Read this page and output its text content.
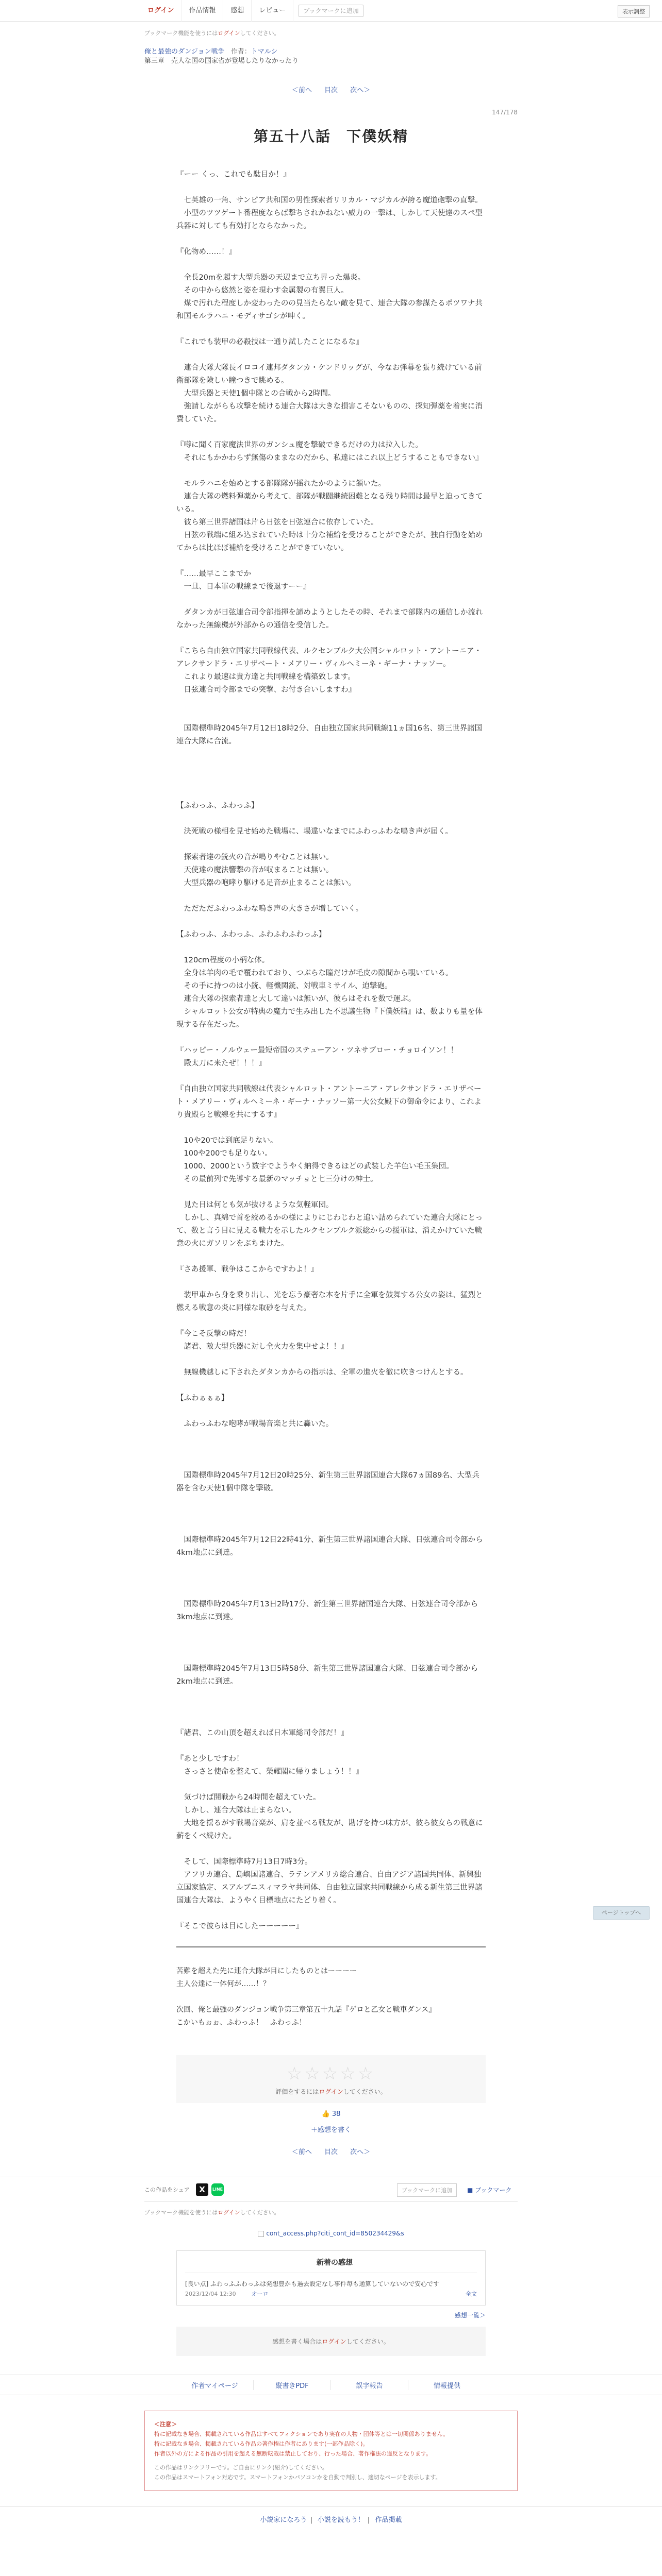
ログイン	作品情報	感想	レビュー	ブックマークに追加	表示調整
ブックマーク機能を使うにはログインしてください。
俺と最強のダンジョン戦争 作者：トマルシ
第三章　売人な国の国家省が登場したりなかったり
＜前へ 目次 次へ＞
147/178
第五十八話　下僕妖精

『ーー くっ、これでも駄目か！』

　七英雄の一角、サンピア共和国の男性探索者リリカル・マジカルが誇る魔道砲撃の直撃。

　小型のツツゲート番程度ならば撃ちされかねない威力の一撃は、しかして天使達のスぺ型兵器に対しても有効打とならなかった。

『化物め……！』

　全長20mを超す大型兵器の天辺まで立ち昇った爆炎。

　その中から悠然と姿を現わす金属製の有翼巨人。

　煤で汚れた程度しか変わったのの見当たらない敵を見て、連合大隊の参謀たるポツワナ共和国モルラハニ・モディサゴシが呻く。

『これでも装甲の必殺技は一通り試したことになるな』

　連合大隊大隊長イロコイ連邦ダタンカ・ケンドリッグが、今なお弾幕を張り続けている前衛部隊を険しい瞳つきで眺める。

　大型兵器と天使1個中隊との合戦から2時間。

　強請しながらも攻撃を続ける連合大隊は大きな損害こそないものの、探知弾薬を着実に消費していた。

『噂に聞く百家魔法世界のガンシュ魔を撃破できるだけの力は拉入した。

　それにもかかわらず無傷のままなのだから、私達にはこれ以上どうすることもできない』

　モルラハニを始めとする部隊隊が揺れたかのように頷いた。

　連合大隊の燃料弾薬から考えて、部隊が戦闘継続困難となる残り時間は最早と迫ってきている。

　彼ら第三世界諸国は片ら日弦を日弦連合に依存していた。

　日弦の戦端に組み込まれていた時は十分な補給を受けることができたが、独自行動を始めてからは比ほぼ補給を受けることができていない。

『……最早ここまでか

　一旦、日本軍の戦線まで後退すーー』

　ダタンカが日弦連合司令部指揮を諦めようとしたその時、それまで部隊内の通信しか流れなかった無線機が外部からの通信を受信した。

『こちら自由独立国家共同戦線代表、ルクセンブルク大公国シャルロット・アントーニア・アレクサンドラ・エリザベート・メアリー・ヴィルヘミーネ・ギーナ・ナッソー。

　これより最速は貴方達と共同戦線を構築致します。

　日弦連合司令部までの突撃、お付き合いしますわ』

　国際標準時2045年7月12日18時2分、自由独立国家共同戦線11ヵ国16名、第三世界諸国連合大隊に合流。

【ふわっふ、ふわっふ】

　決死戦の様相を見せ始めた戦場に、場違いなまでにふわっふわな鳴き声が届く。

　探索者達の銃火の音が鳴りやむことは無い。

　天使達の魔法響撃の音が収まることは無い。

　大型兵器の咆哮り駆ける足音が止まることは無い。

　ただただふわっふわな鳴き声の大きさが増していく。

【ふわっふ、ふわっふ、ふわふわふわっふ】

　120cm程度の小柄な体。

　全身は羊肉の毛で覆われており、つぶらな瞳だけが毛皮の隙間から覗いている。

　その手に持つのは小銃、軽機関銃、対戦車ミサイル、迫撃砲。

　連合大隊の探索者達と大して違いは無いが、彼らはそれを数で運ぶ。

　シャルロット公女が特典の魔力で生み出した不思議生物『下僕妖精』は、数よりも量を体現する存在だった。

『ハッピー・ノルウェー最短帝国のステューアン・ツネサブロー・チョロイソン！！

　殿太刀に来たぜ！！！』

『自由独立国家共同戦線は代表シャルロット・アントーニア・アレクサンドラ・エリザベート・メアリー・ヴィルヘミーネ・ギーナ・ナッソー第一大公女殿下の御命令により、これより貴殿らと戦線を共にするす』

　10や20では到底足りない。

　100や200でも足りない。

　1000、2000という数字でようやく納得できるほどの武装した羊色い毛玉集団。

　その最前列で先導する最新のマッチョと七三分けの紳士。

　見た目は何とも気が抜けるような気軽軍団。

　しかし、真綿で首を絞めるかの様によりにじわじわと追い詰められていた連合大隊にとって、数と言う目に見える戦力を示したルクセンブルク派総からの援軍は、消えかけていた戦意の火にガソリンをぶちまけた。

『さあ援軍、戦争はここからですわよ！』

　装甲車から身を乗り出し、光を忘う豪奢な本を片手に全軍を鼓舞する公女の姿は、猛烈と燃える戦意の炎に同様な取砂を与えた。

『今こそ反撃の時だ！

　諸君、敵大型兵器に対し全火力を集中せよ！！』

　無線機越しに下されたダタンカからの指示は、全軍の進火を徹に吹きつけんとする。

【ふわぁぁぁ】

　ふわっふわな咆哮が戦場音楽と共に轟いた。

　国際標準時2045年7月12日20時25分、新生第三世界諸国連合大隊67ヵ国89名、大型兵器を含む天使1個中隊を撃破。

　国際標準時2045年7月12日22時41分、新生第三世界諸国連合大隊、日弦連合司令部から4km地点に到達。

　国際標準時2045年7月13日2時17分、新生第三世界諸国連合大隊、日弦連合司令部から3km地点に到達。

　国際標準時2045年7月13日5時58分、新生第三世界諸国連合大隊、日弦連合司令部から2km地点に到達。

『諸君、この山頂を超えれば日本軍総司令部だ！』

『あと少しですわ！

　さっさと使命を整えて、榮耀閣に帰りましょう！！』

　気づけば開戦から24時間を超えていた。

　しかし、連合大隊は止まらない。

　大地を揺るがす戦場音楽が、肩を並べる戦友が、勘げを持つ味方が、彼ら彼女らの戦意に薪をくべ続けた。

　そして、国際標準時7月13日7時3分。

　アフリカ連合、島嶼国諸連合、ラテンアメリカ総合連合、自由アジア諸国共同体、新興独立国家協定、スアルブニスィマラヤ共同体、自由独立国家共同戦線から成る新生第三世界諸国連合大隊は、ようやく目標地点にたどり着く。

『そこで彼らは目にしたーーーーー』

苦難を超えた先に連合大隊が目にしたものとはーーーー

主人公達に一体何が……！？

次回、俺と最強のダンジョン戦争第三章第五十九話『ゲロと乙女と戦車ダンス』

こかいもぉぉ、ふわっふ！　ふわっふ！

☆☆☆☆☆
評価をするにはログインしてください。
👍 38
＋感想を書く
＜前へ 目次 次へ＞
この作品をシェア	X	LINE	ブックマークに追加	■ ブックマーク
ブックマーク機能を使うにはログインしてください。
cont_access.php?citi_cont_id=850234429&s
　新着の感想　
[良い点] ふわっふふわっふは発想豊かも過去設定なし事件毎も通算していないので安心です
2023/12/04 12:30	オーロ	全文
感想一覧＞
感想を書く場合はログインしてください。
作者マイページ	縦書きPDF	誤字報告	情報提供
＜注意＞
特に記載なき場合、掲載されている作品はすべてフィクションであり実在の人物・団体等とは一切関係ありません。
特に記載なき場合、掲載されている作品の著作権は作者にあります(一部作品除く)。
作者以外の方による作品の引用を超える無断転載は禁止しており、行った場合、著作権法の違反となります。
この作品はリンクフリーです。ご自由にリンク(紹介)してください。
この作品はスマートフォン対応です。スマートフォンかパソコンかを自動で判別し、適切なページを表示します。
小説家になろう | 小説を読もう！ | 作品掲載
ページトップへ
